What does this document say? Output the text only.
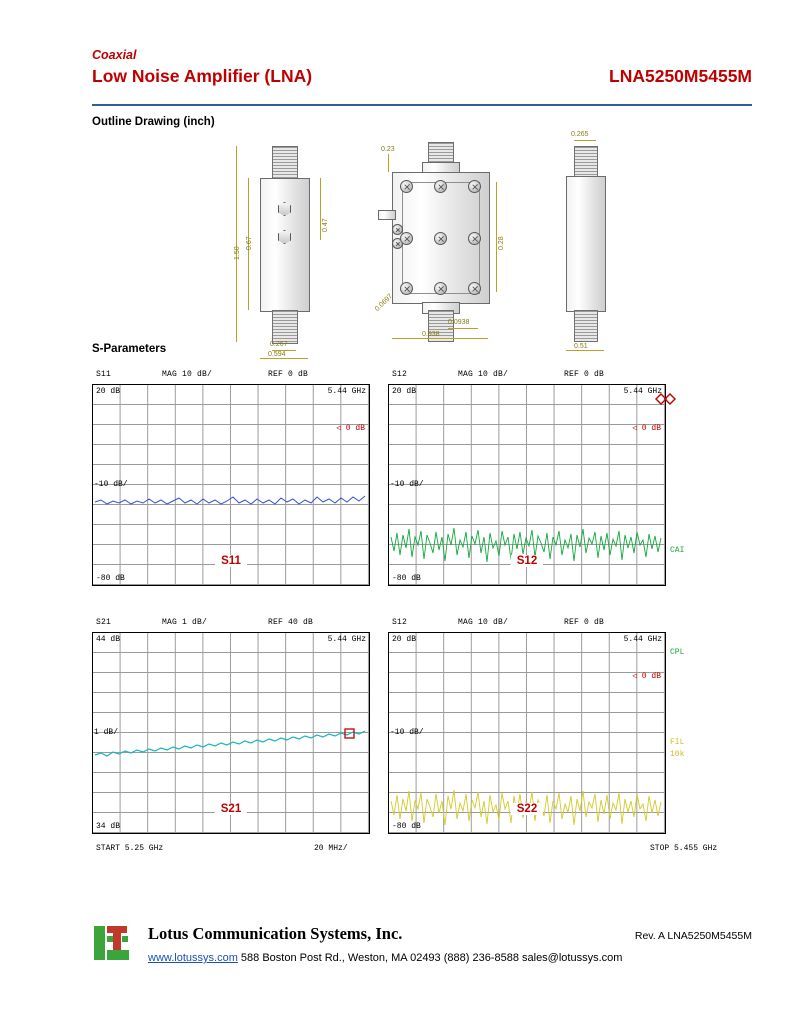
Coaxial
Low Noise Amplifier (LNA)	LNA5250M5455M
Outline Drawing (inch)
0.67
0.47
1.50
0.267
0.594
0.23
0.28
0.0938
0.938
0.0697
0.265
0.51
S-Parameters
S11	MAG 10 dB/	REF 0 dB
20 dB	5.44 GHz
-10 dB/
-80 dB
◁ 0 dB
S11
S12	MAG 10 dB/	REF 0 dB
20 dB	5.44 GHz
-10 dB/
-80 dB
◁ 0 dB
S12
CAI
S21	MAG 1 dB/	REF 40 dB
44 dB	5.44 GHz
1 dB/
34 dB
S21
S12	MAG 10 dB/	REF 0 dB
20 dB	5.44 GHz
-10 dB/
-80 dB
◁ 0 dB
S22
CPL
FIL
10k
START 5.25 GHz	20 MHz/	STOP 5.455 GHz
Lotus Communication Systems, Inc.
www.lotussys.com 588 Boston Post Rd., Weston, MA 02493 (888) 236-8588 sales@lotussys.com
Rev. A LNA5250M5455M
